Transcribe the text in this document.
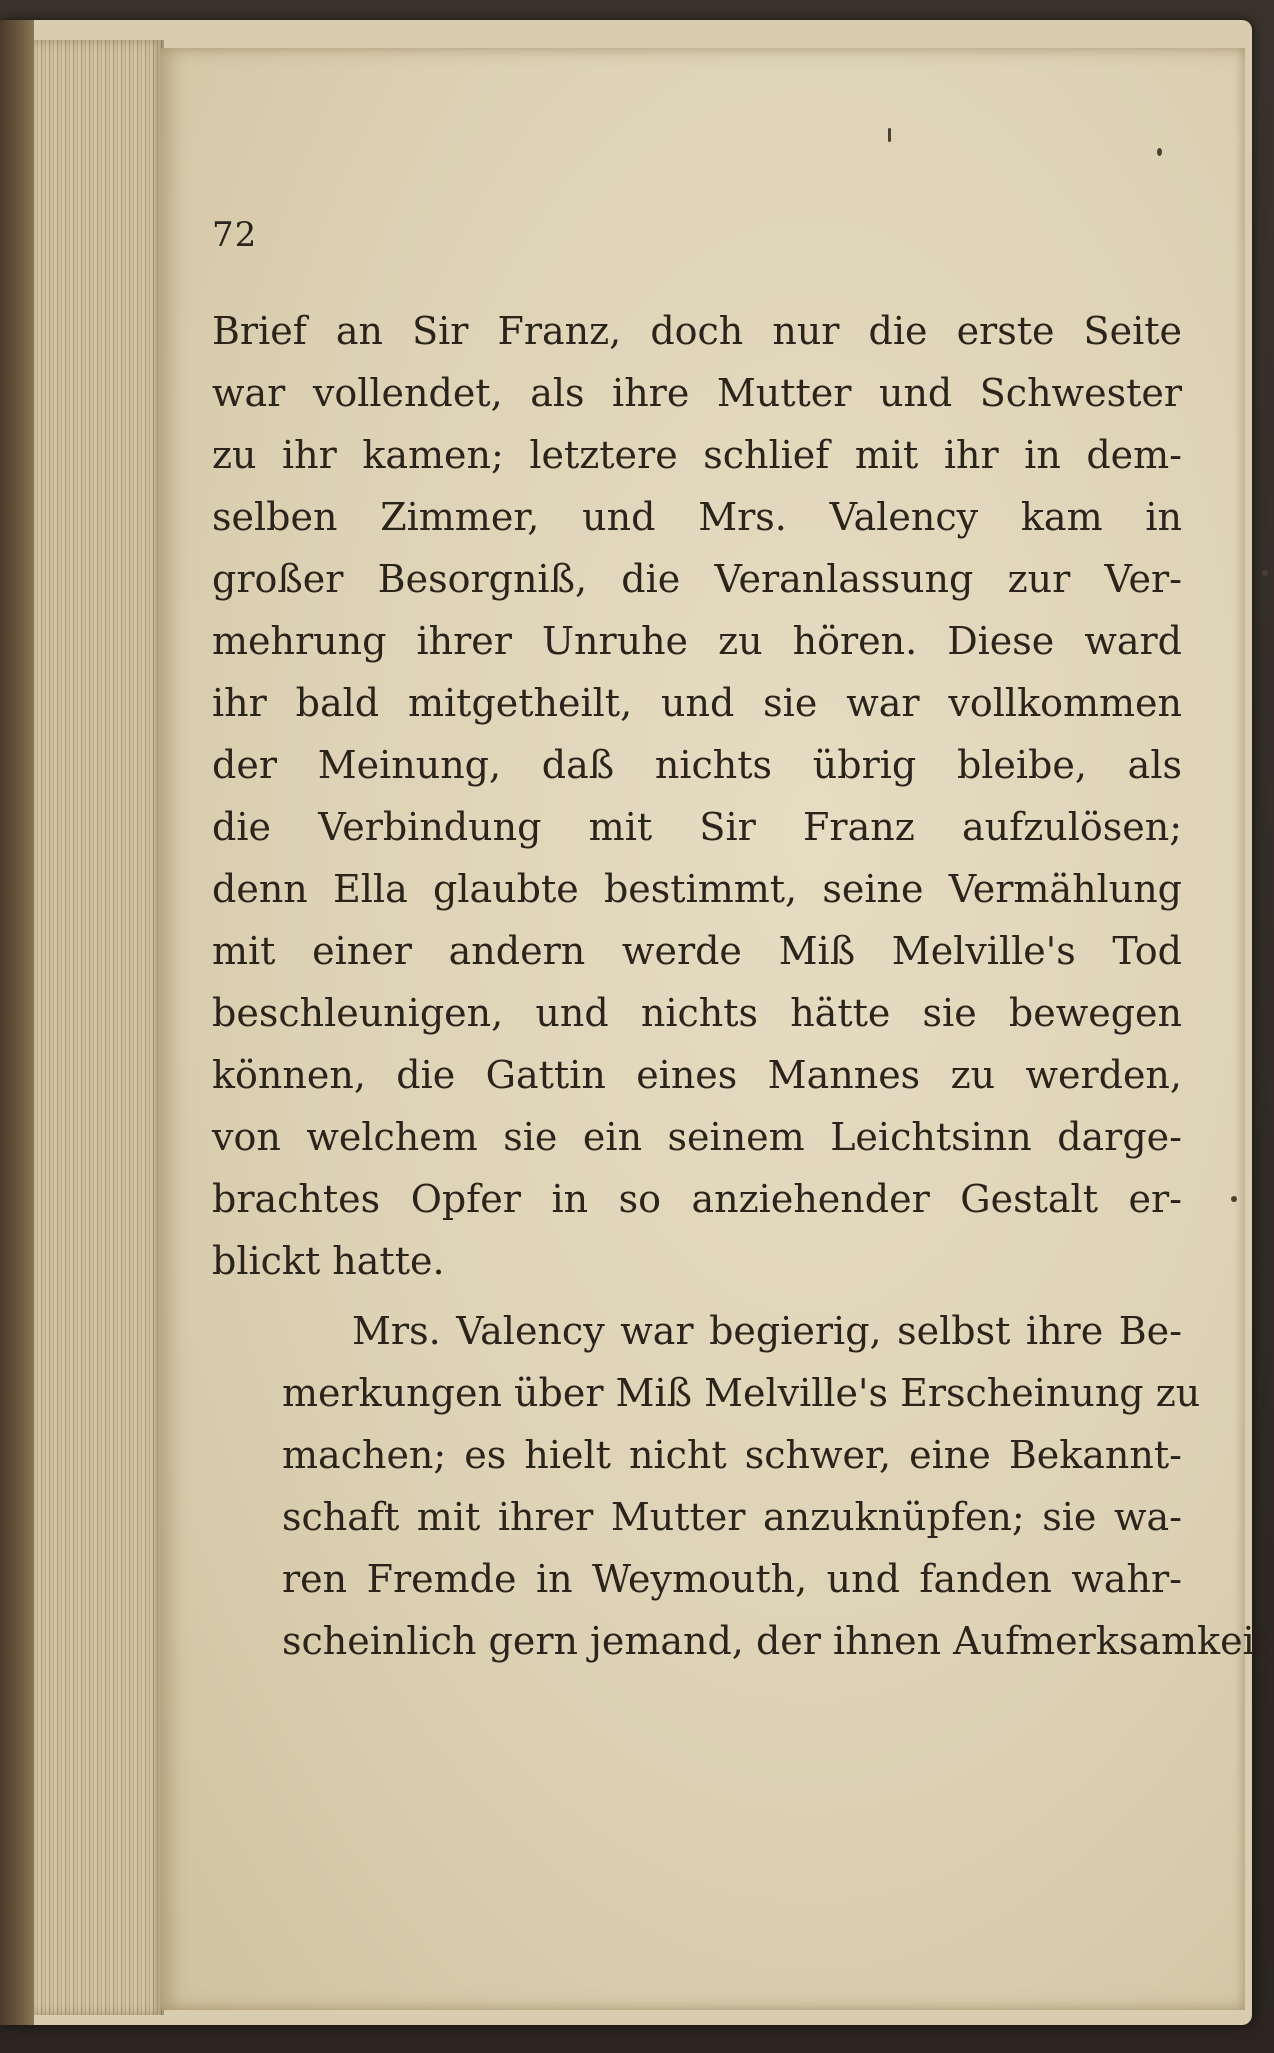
72

Brief an Sir Franz, doch nur die erste Seite
war vollendet, als ihre Mutter und Schwester
zu ihr kamen; letztere schlief mit ihr in dem-
selben Zimmer, und Mrs. Valency kam in
großer Besorgniß, die Veranlassung zur Ver-
mehrung ihrer Unruhe zu hören. Diese ward
ihr bald mitgetheilt, und sie war vollkommen
der Meinung, daß nichts übrig bleibe, als
die Verbindung mit Sir Franz aufzulösen;
denn Ella glaubte bestimmt, seine Vermählung
mit einer andern werde Miß Melville's Tod
beschleunigen, und nichts hätte sie bewegen
können, die Gattin eines Mannes zu werden,
von welchem sie ein seinem Leichtsinn darge-
brachtes Opfer in so anziehender Gestalt er-
blickt hatte.

Mrs. Valency war begierig, selbst ihre Be-
merkungen über Miß Melville's Erscheinung zu
machen; es hielt nicht schwer, eine Bekannt-
schaft mit ihrer Mutter anzuknüpfen; sie wa-
ren Fremde in Weymouth, und fanden wahr-
scheinlich gern jemand, der ihnen Aufmerksamkeit
